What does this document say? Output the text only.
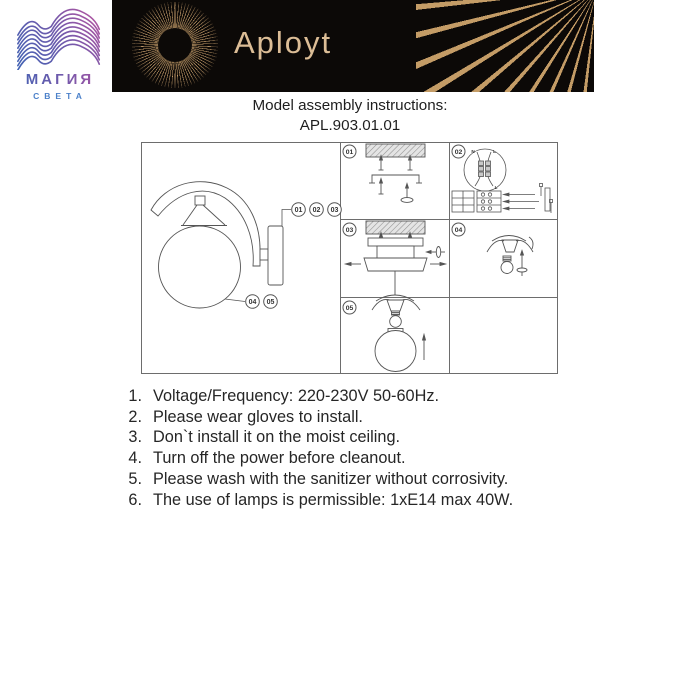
МАГИЯ
СВЕТА
Aployt
Model assembly instructions:
APL.903.01.01
01 02 03
04 05
01	02
03	04
05
N	L
L
1. Voltage/Frequency: 220-230V 50-60Hz.
2. Please wear gloves to install.
3. Don`t install it on the moist ceiling.
4. Turn off the power before cleanout.
5. Please wash with the sanitizer without corrosivity.
6. The use of lamps is permissible: 1xE14 max 40W.
